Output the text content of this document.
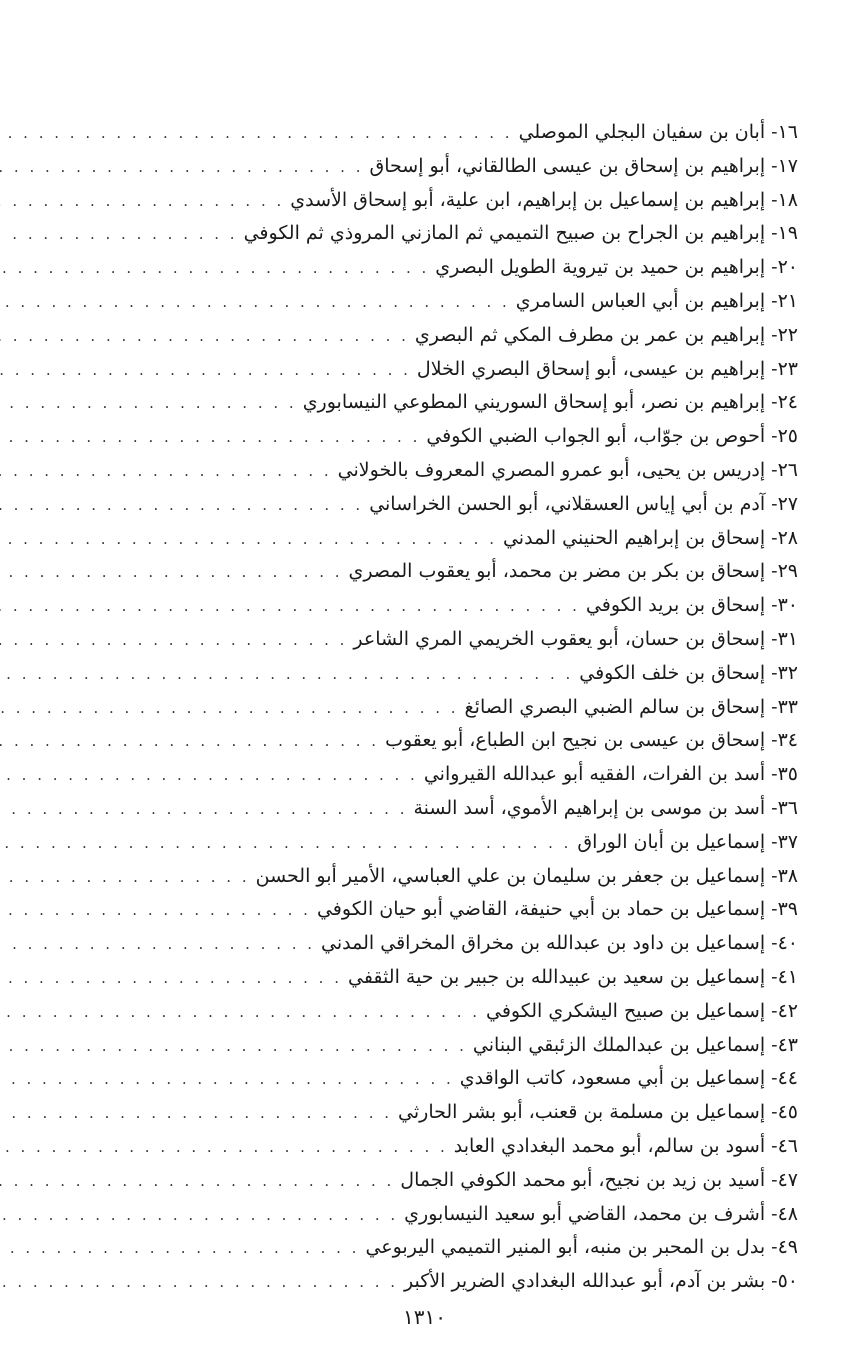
١٦- أبان بن سفيان البجلي الموصلي
. . .
١٧- إبراهيم بن إسحاق بن عيسى الطالقاني، أبو إسحاق
. . .
١٨- إبراهيم بن إسماعيل بن إبراهيم، ابن علية، أبو إسحاق الأسدي
. . .
١٩- إبراهيم بن الجراح بن صبيح التميمي ثم المازني المروذي ثم الكوفي
. . .
٢٠- إبراهيم بن حميد بن تيروية الطويل البصري
. . .
٢١- إبراهيم بن أبي العباس السامري
. . .
٢٢- إبراهيم بن عمر بن مطرف المكي ثم البصري
. . .
٢٣- إبراهيم بن عيسى، أبو إسحاق البصري الخلال
. . .
٢٤- إبراهيم بن نصر، أبو إسحاق السوريني المطوعي النيسابوري
. . .
٢٥- أحوص بن جوّاب، أبو الجواب الضبي الكوفي
. . .
٢٦- إدريس بن يحيى، أبو عمرو المصري المعروف بالخولاني
. . .
٢٧- آدم بن أبي إياس العسقلاني، أبو الحسن الخراساني
. . .
٢٨- إسحاق بن إبراهيم الحنيني المدني
. . .
٢٩- إسحاق بن بكر بن مضر بن محمد، أبو يعقوب المصري
. . .
٣٠- إسحاق بن بريد الكوفي
. . .
٣١- إسحاق بن حسان، أبو يعقوب الخريمي المري الشاعر
. . .
٣٢- إسحاق بن خلف الكوفي
. . .
٣٣- إسحاق بن سالم الضبي البصري الصائغ
. . .
٣٤- إسحاق بن عيسى بن نجيح ابن الطباع، أبو يعقوب
. . .
٣٥- أسد بن الفرات، الفقيه أبو عبدالله القيرواني
. . .
٣٦- أسد بن موسى بن إبراهيم الأموي، أسد السنة
. . .
٣٧- إسماعيل بن أبان الوراق
. . .
٣٨- إسماعيل بن جعفر بن سليمان بن علي العباسي، الأمير أبو الحسن
. . .
٣٩- إسماعيل بن حماد بن أبي حنيفة، القاضي أبو حيان الكوفي
. . .
٤٠- إسماعيل بن داود بن عبدالله بن مخراق المخراقي المدني
. . .
٤١- إسماعيل بن سعيد بن عبيدالله بن جبير بن حية الثقفي
. . .
٤٢- إسماعيل بن صبيح اليشكري الكوفي
. . .
٤٣- إسماعيل بن عبدالملك الزئبقي البناني
. . .
٤٤- إسماعيل بن أبي مسعود، كاتب الواقدي
. . .
٤٥- إسماعيل بن مسلمة بن قعنب، أبو بشر الحارثي
. . .
٤٦- أسود بن سالم، أبو محمد البغدادي العابد
. . .
٤٧- أسيد بن زيد بن نجيح، أبو محمد الكوفي الجمال
. . .
٤٨- أشرف بن محمد، القاضي أبو سعيد النيسابوري
. . .
٤٩- بدل بن المحبر بن منبه، أبو المنير التميمي اليربوعي
. . .
٥٠- بشر بن آدم، أبو عبدالله البغدادي الضرير الأكبر
. . .
١٣١٠
